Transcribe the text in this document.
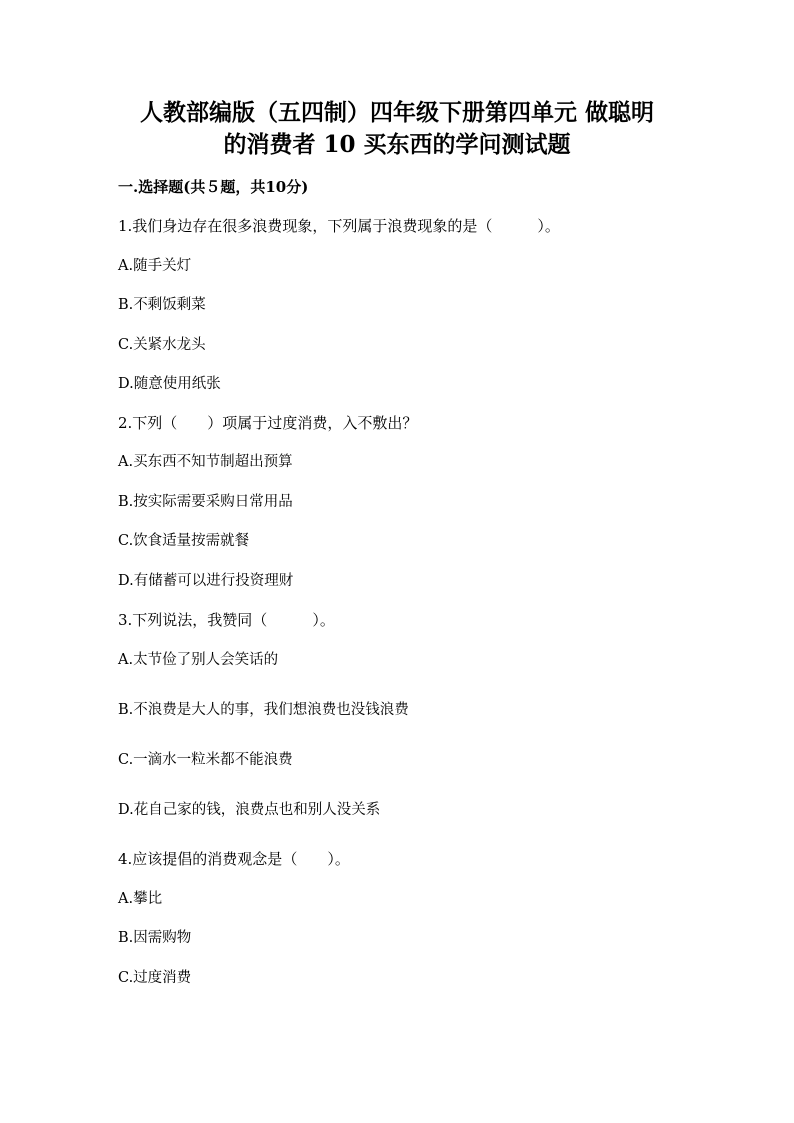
人教部编版（五四制）四年级下册第四单元 做聪明
的消费者 10 买东西的学问测试题

一.选择题(共５题，共10分)

1.我们身边存在很多浪费现象，下列属于浪费现象的是（　　　）。

A.随手关灯

B.不剩饭剩菜

C.关紧水龙头

D.随意使用纸张

2.下列（　　）项属于过度消费，入不敷出？

A.买东西不知节制超出预算

B.按实际需要采购日常用品

C.饮食适量按需就餐

D.有储蓄可以进行投资理财

3.下列说法，我赞同（　　　）。

A.太节俭了别人会笑话的

B.不浪费是大人的事，我们想浪费也没钱浪费

C.一滴水一粒米都不能浪费

D.花自己家的钱，浪费点也和别人没关系

4.应该提倡的消费观念是（　　）。

A.攀比

B.因需购物

C.过度消费
